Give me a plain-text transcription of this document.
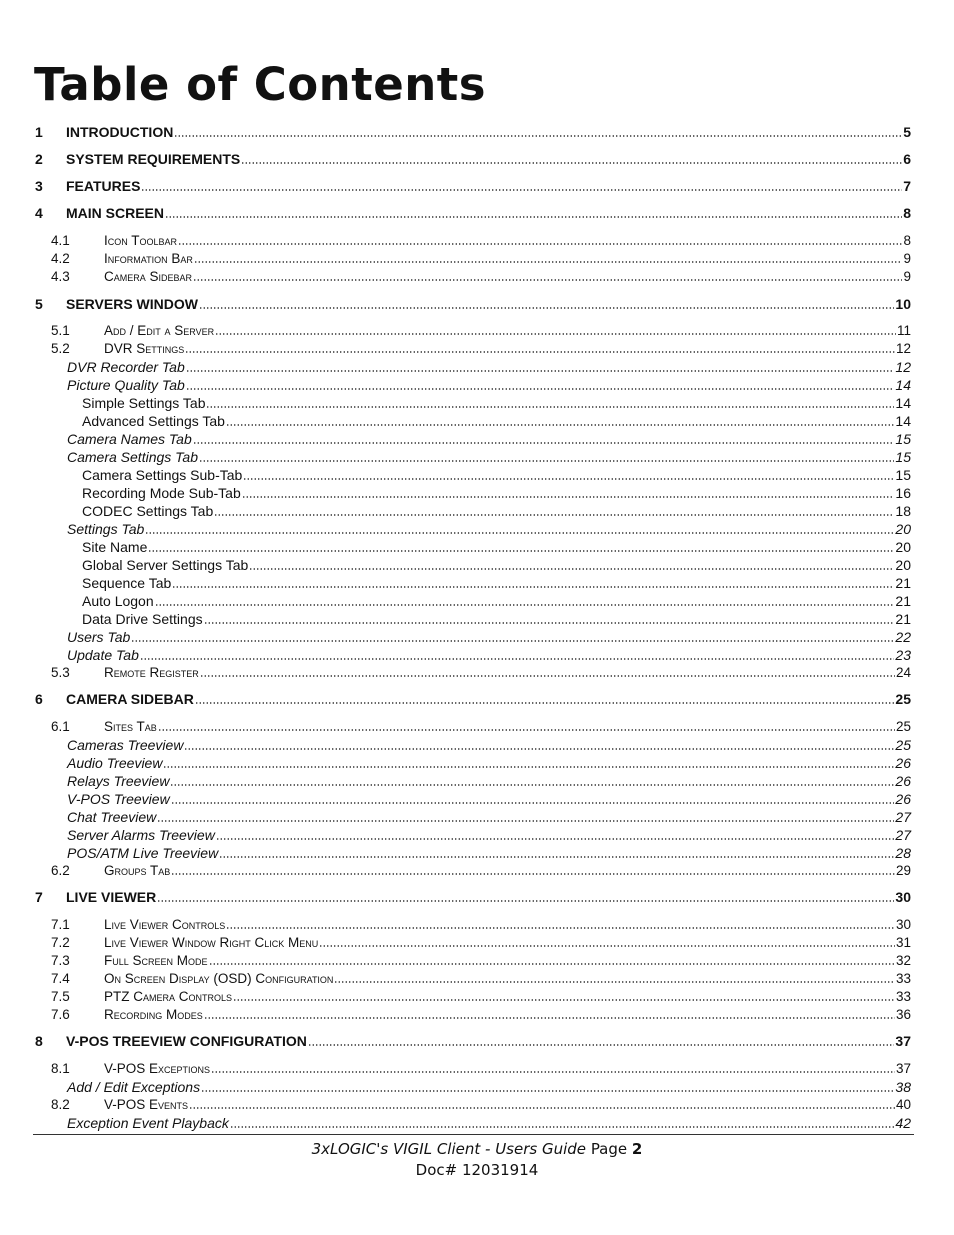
Table of Contents
1 INTRODUCTION	5
2 SYSTEM REQUIREMENTS	6
3 FEATURES	7
4 MAIN SCREEN	8
4.1	Icon Toolbar	8
4.2	Information Bar	9
4.3	Camera Sidebar	9
5 SERVERS WINDOW	10
5.1	Add / Edit a Server	11
5.2	DVR Settings	12
DVR Recorder Tab	12
Picture Quality Tab	14
Simple Settings Tab	14
Advanced Settings Tab	14
Camera Names Tab	15
Camera Settings Tab	15
Camera Settings Sub-Tab	15
Recording Mode Sub-Tab	16
CODEC Settings Tab	18
Settings Tab	20
Site Name	20
Global Server Settings Tab	20
Sequence Tab	21
Auto Logon	21
Data Drive Settings	21
Users Tab	22
Update Tab	23
5.3	Remote Register	24
6 CAMERA SIDEBAR	25
6.1	Sites Tab	25
Cameras Treeview	25
Audio Treeview	26
Relays Treeview	26
V-POS Treeview	26
Chat Treeview	27
Server Alarms Treeview	27
POS/ATM Live Treeview	28
6.2	Groups Tab	29
7 LIVE VIEWER	30
7.1	Live Viewer Controls	30
7.2	Live Viewer Window Right Click Menu	31
7.3	Full Screen Mode	32
7.4	On Screen Display (OSD) Configuration	33
7.5	PTZ Camera Controls	33
7.6	Recording Modes	36
8 V-POS TREEVIEW CONFIGURATION	37
8.1	V-POS Exceptions	37
Add / Edit Exceptions	38
8.2	V-POS Events	40
Exception Event Playback	42
3xLOGIC's VIGIL Client - Users Guide Page 2
Doc# 12031914
